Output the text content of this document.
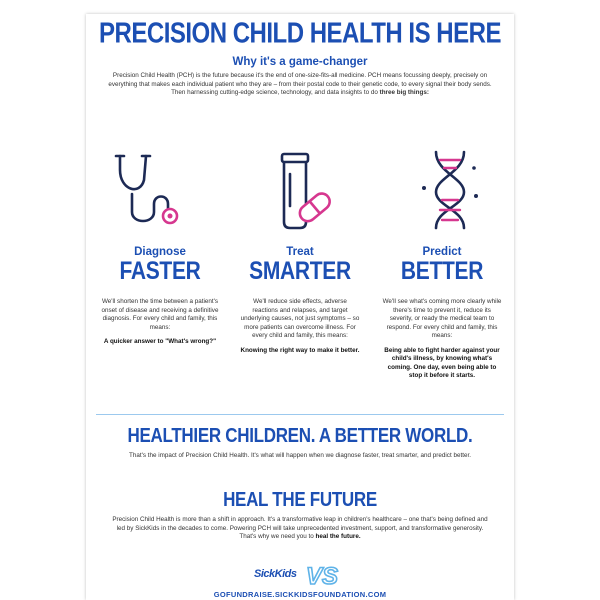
PRECISION CHILD HEALTH IS HERE
Why it's a game-changer
Precision Child Health (PCH) is the future because it's the end of one-size-fits-all medicine. PCH means focussing deeply, precisely on everything that makes each individual patient who they are – from their postal code to their genetic code, to every signal their body sends. Then harnessing cutting-edge science, technology, and data insights to do three big things:
Diagnose
FASTER
We'll shorten the time between a patient's onset of disease and receiving a definitive diagnosis. For every child and family, this means:
A quicker answer to "What's wrong?"
Treat
SMARTER
We'll reduce side effects, adverse reactions and relapses, and target underlying causes, not just symptoms – so more patients can overcome illness. For every child and family, this means:
Knowing the right way to make it better.
Predict
BETTER
We'll see what's coming more clearly while there's time to prevent it, reduce its severity, or ready the medical team to respond. For every child and family, this means:
Being able to fight harder against your child's illness, by knowing what's coming. One day, even being able to stop it before it starts.
HEALTHIER CHILDREN. A BETTER WORLD.
That's the impact of Precision Child Health. It's what will happen when we diagnose faster, treat smarter, and predict better.
HEAL THE FUTURE
Precision Child Health is more than a shift in approach. It's a transformative leap in children's healthcare – one that's being defined and led by SickKids in the decades to come. Powering PCH will take unprecedented investment, support, and transformative generosity. That's why we need you to heal the future.
SickKids VS
GOFUNDRAISE.SICKKIDSFOUNDATION.COM
